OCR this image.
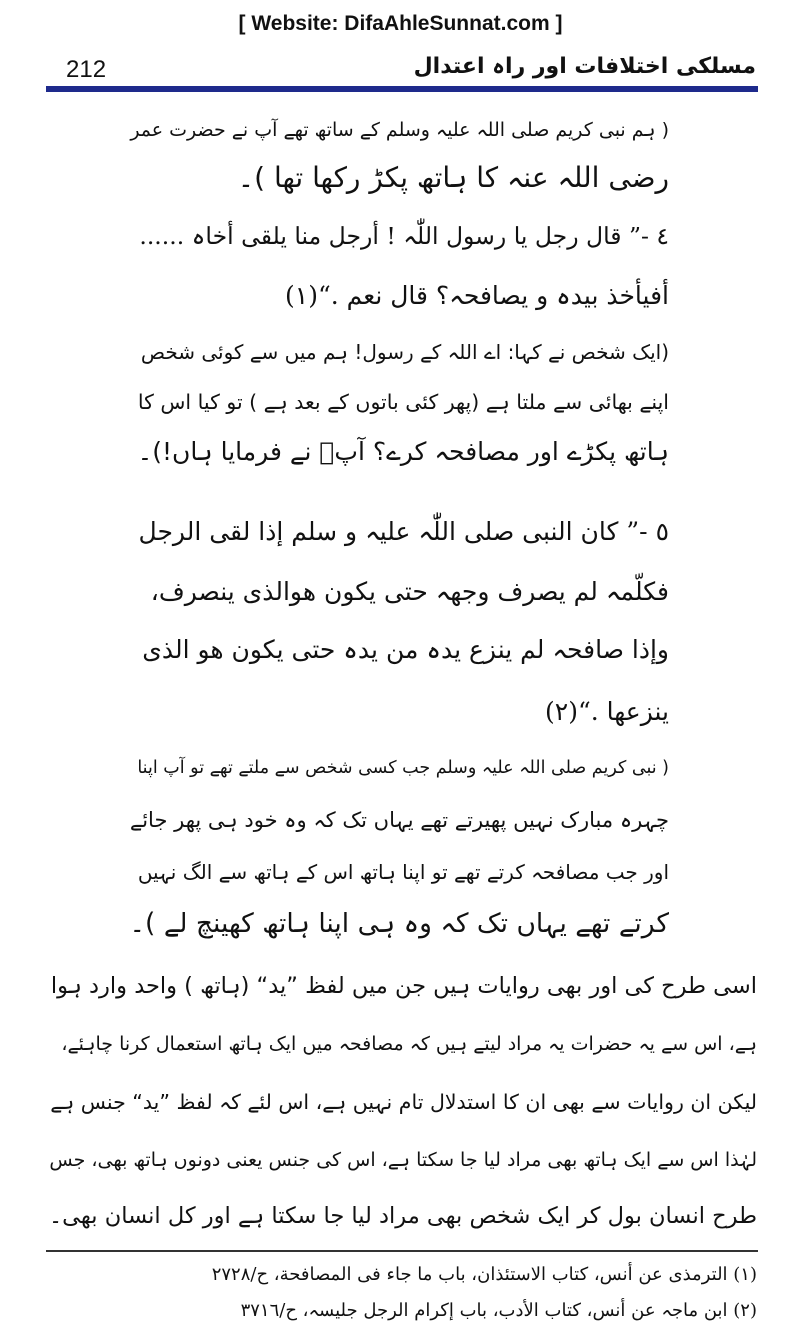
[ Website: DifaAhleSunnat.com ]
212	مسلکی اختلافات اور راہ اعتدال
( ہم نبی کریم صلی اللہ علیہ وسلم کے ساتھ تھے آپ نے حضرت عمر
رضی اللہ عنہ کا ہاتھ پکڑ رکھا تھا )۔
٤ -” قال رجل یا رسول اللّٰہ ! أرجل منا یلقی أخاہ ......
أفیأخذ بیدہ و یصافحہ؟ قال نعم .“(١)
(ایک شخص نے کہا: اے اللہ کے رسول! ہم میں سے کوئی شخص
اپنے بھائی سے ملتا ہے (پھر کئی باتوں کے بعد ہے ) تو کیا اس کا
ہاتھ پکڑے اور مصافحہ کرے؟ آپؐ نے فرمایا ہاں!)۔
٥ -” کان النبی صلی اللّٰہ علیہ و سلم إذا لقی الرجل
فکلّمہ لم یصرف وجھہ حتی یکون ھوالذی ینصرف،
وإذا صافحہ لم ینزع یدہ من یدہ حتی یکون ھو الذی
ینزعھا .“(٢)
( نبی کریم صلی اللہ علیہ وسلم جب کسی شخص سے ملتے تھے تو آپ اپنا
چہرہ مبارک نہیں پھیرتے تھے یہاں تک کہ وہ خود ہی پھر جائے
اور جب مصافحہ کرتے تھے تو اپنا ہاتھ اس کے ہاتھ سے الگ نہیں
کرتے تھے یہاں تک کہ وہ ہی اپنا ہاتھ کھینچ لے )۔
اسی طرح کی اور بھی روایات ہیں جن میں لفظ ”ید“ (ہاتھ ) واحد وارد ہوا
ہے، اس سے یہ حضرات یہ مراد لیتے ہیں کہ مصافحہ میں ایک ہاتھ استعمال کرنا چاہئے،
لیکن ان روایات سے بھی ان کا استدلال تام نہیں ہے، اس لئے کہ لفظ ”ید“ جنس ہے
لہٰذا اس سے ایک ہاتھ بھی مراد لیا جا سکتا ہے، اس کی جنس یعنی دونوں ہاتھ بھی، جس
طرح انسان بول کر ایک شخص بھی مراد لیا جا سکتا ہے اور کل انسان بھی۔
(١) الترمذی عن أنس، کتاب الاستئذان، باب ما جاء فی المصافحة، ح/٢٧٢٨
(٢) ابن ماجہ عن أنس، کتاب الأدب، باب إکرام الرجل جلیسہ، ح/٣٧١٦
